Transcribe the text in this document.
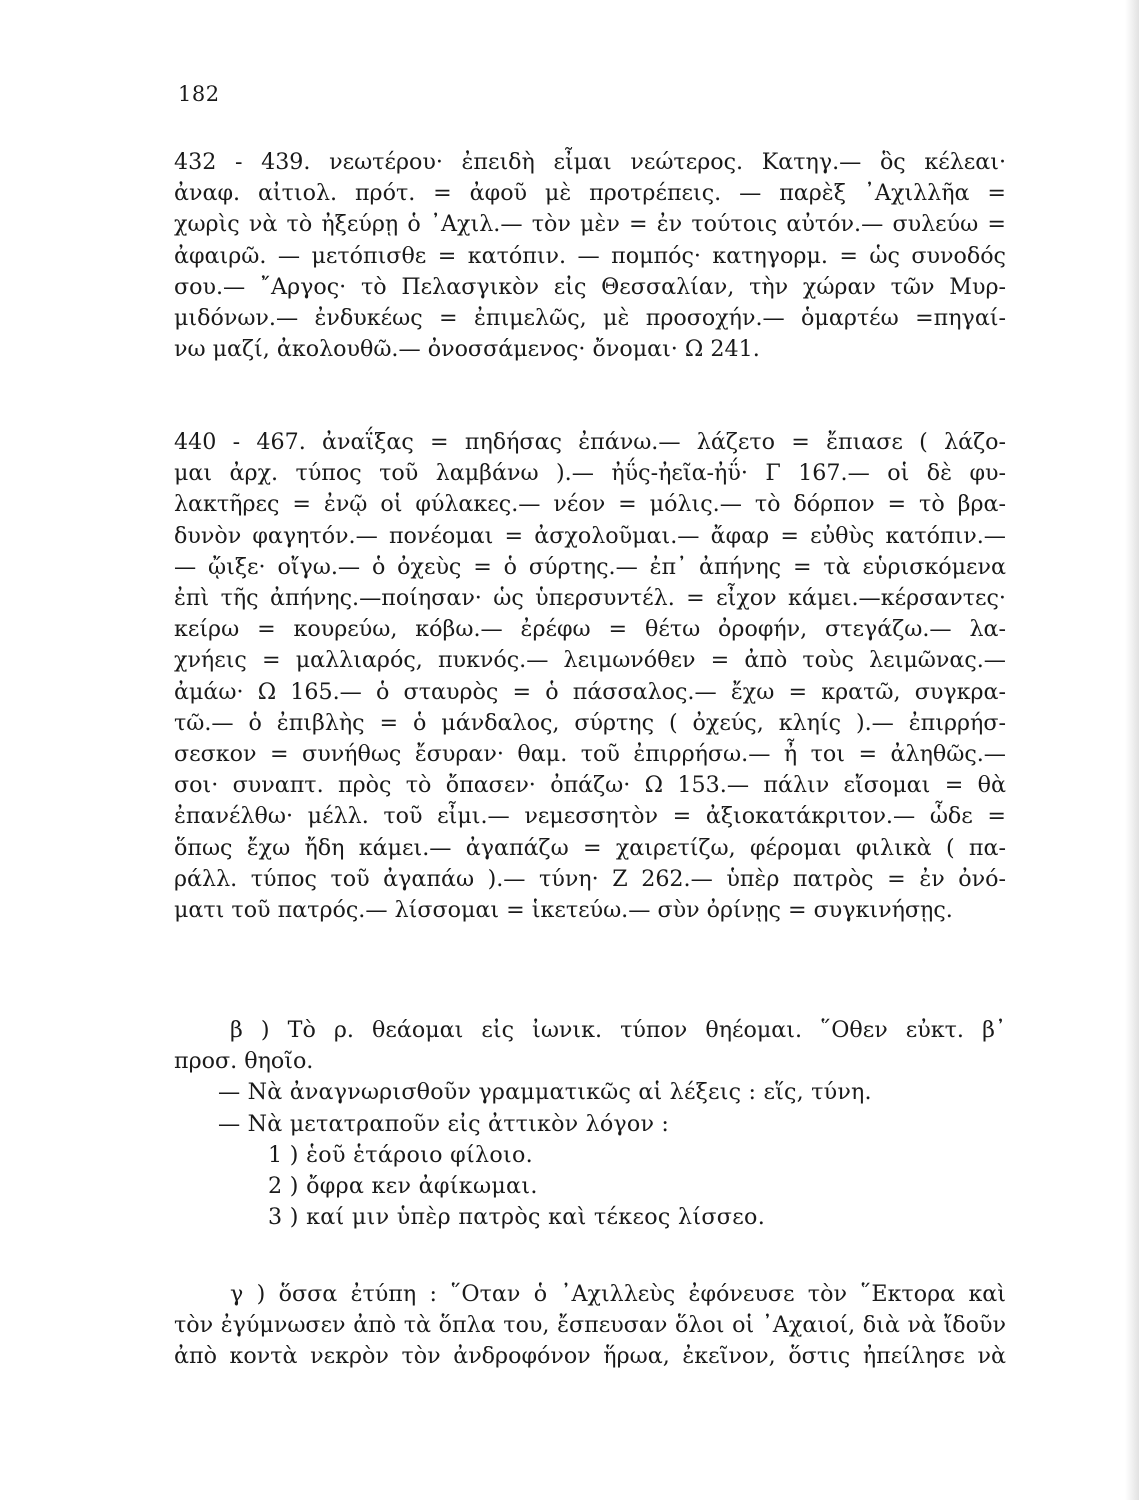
182

432 - 439. νεωτέρου· ἐπειδὴ εἶμαι νεώτερος. Κατηγ.— ὃς κέλεαι·

ἀναφ. αἰτιολ. πρότ. = ἀφοῦ μὲ προτρέπεις. — παρὲξ ᾿Αχιλλῆα =

χωρὶς νὰ τὸ ἠξεύρῃ ὁ ᾿Αχιλ.— τὸν μὲν = ἐν τούτοις αὐτόν.— συλεύω =

ἀφαιρῶ. — μετόπισθε = κατόπιν. — πομπός· κατηγορμ. = ὡς συνοδός

σου.— ῎Αργος· τὸ Πελασγικὸν εἰς Θεσσαλίαν, τὴν χώραν τῶν Μυρ-

μιδόνων.— ἐνδυκέως = ἐπιμελῶς, μὲ προσοχήν.— ὁμαρτέω =πηγαί-

νω μαζί, ἀκολουθῶ.— ὀνοσσάμενος· ὄνομαι· Ω 241.

440 - 467. ἀναΐξας = πηδήσας ἐπάνω.— λάζετο = ἔπιασε ( λάζο-

μαι ἀρχ. τύπος τοῦ λαμβάνω ).— ἠΰς-ἠεῖα-ἠΰ· Γ 167.— οἱ δὲ φυ-

λακτῆρες = ἐνῷ οἱ φύλακες.— νέον = μόλις.— τὸ δόρπον = τὸ βρα-

δυνὸν φαγητόν.— πονέομαι = ἀσχολοῦμαι.— ἄφαρ = εὐθὺς κατόπιν.—

— ᾤιξε· οἴγω.— ὁ ὀχεὺς = ὁ σύρτης.— ἐπ᾿ ἀπήνης = τὰ εὑρισκόμενα

ἐπὶ τῆς ἀπήνης.—ποίησαν· ὡς ὑπερσυντέλ. = εἶχον κάμει.—κέρσαντες·

κείρω = κουρεύω, κόβω.— ἐρέφω = θέτω ὀροφήν, στεγάζω.— λα-

χνήεις = μαλλιαρός, πυκνός.— λειμωνόθεν = ἀπὸ τοὺς λειμῶνας.—

ἀμάω· Ω 165.— ὁ σταυρὸς = ὁ πάσσαλος.— ἔχω = κρατῶ, συγκρα-

τῶ.— ὁ ἐπιβλὴς = ὁ μάνδαλος, σύρτης ( ὀχεύς, κληίς ).— ἐπιρρήσ-

σεσκον = συνήθως ἔσυραν· θαμ. τοῦ ἐπιρρήσω.— ἦ τοι = ἀληθῶς.—

σοι· συναπτ. πρὸς τὸ ὄπασεν· ὀπάζω· Ω 153.— πάλιν εἴσομαι = θὰ

ἐπανέλθω· μέλλ. τοῦ εἶμι.— νεμεσσητὸν = ἀξιοκατάκριτον.— ὧδε =

ὅπως ἔχω ἤδη κάμει.— ἀγαπάζω = χαιρετίζω, φέρομαι φιλικὰ ( πα-

ράλλ. τύπος τοῦ ἀγαπάω ).— τύνη· Ζ 262.— ὑπὲρ πατρὸς = ἐν ὀνό-

ματι τοῦ πατρός.— λίσσομαι = ἱκετεύω.— σὺν ὀρίνῃς = συγκινήσῃς.

β ) Τὸ ρ. θεάομαι εἰς ἰωνικ. τύπον θηέομαι. ῞Οθεν εὐκτ. β᾿

προσ. θηοῖο.

— Νὰ ἀναγνωρισθοῦν γραμματικῶς αἱ λέξεις : εἵς, τύνη.

— Νὰ μετατραποῦν εἰς ἀττικὸν λόγον :

1 ) ἑοῦ ἑτάροιο φίλοιο.

2 ) ὄφρα κεν ἀφίκωμαι.

3 ) καί μιν ὑπὲρ πατρὸς καὶ τέκεος λίσσεο.

γ ) ὅσσα ἐτύπη : ῞Οταν ὁ ᾿Αχιλλεὺς ἐφόνευσε τὸν ῞Εκτορα καὶ

τὸν ἐγύμνωσεν ἀπὸ τὰ ὅπλα του, ἔσπευσαν ὅλοι οἱ ᾿Αχαιοί, διὰ νὰ ἴδοῦν

ἀπὸ κοντὰ νεκρὸν τὸν ἀνδροφόνον ἥρωα, ἐκεῖνον, ὅστις ἠπείλησε νὰ
